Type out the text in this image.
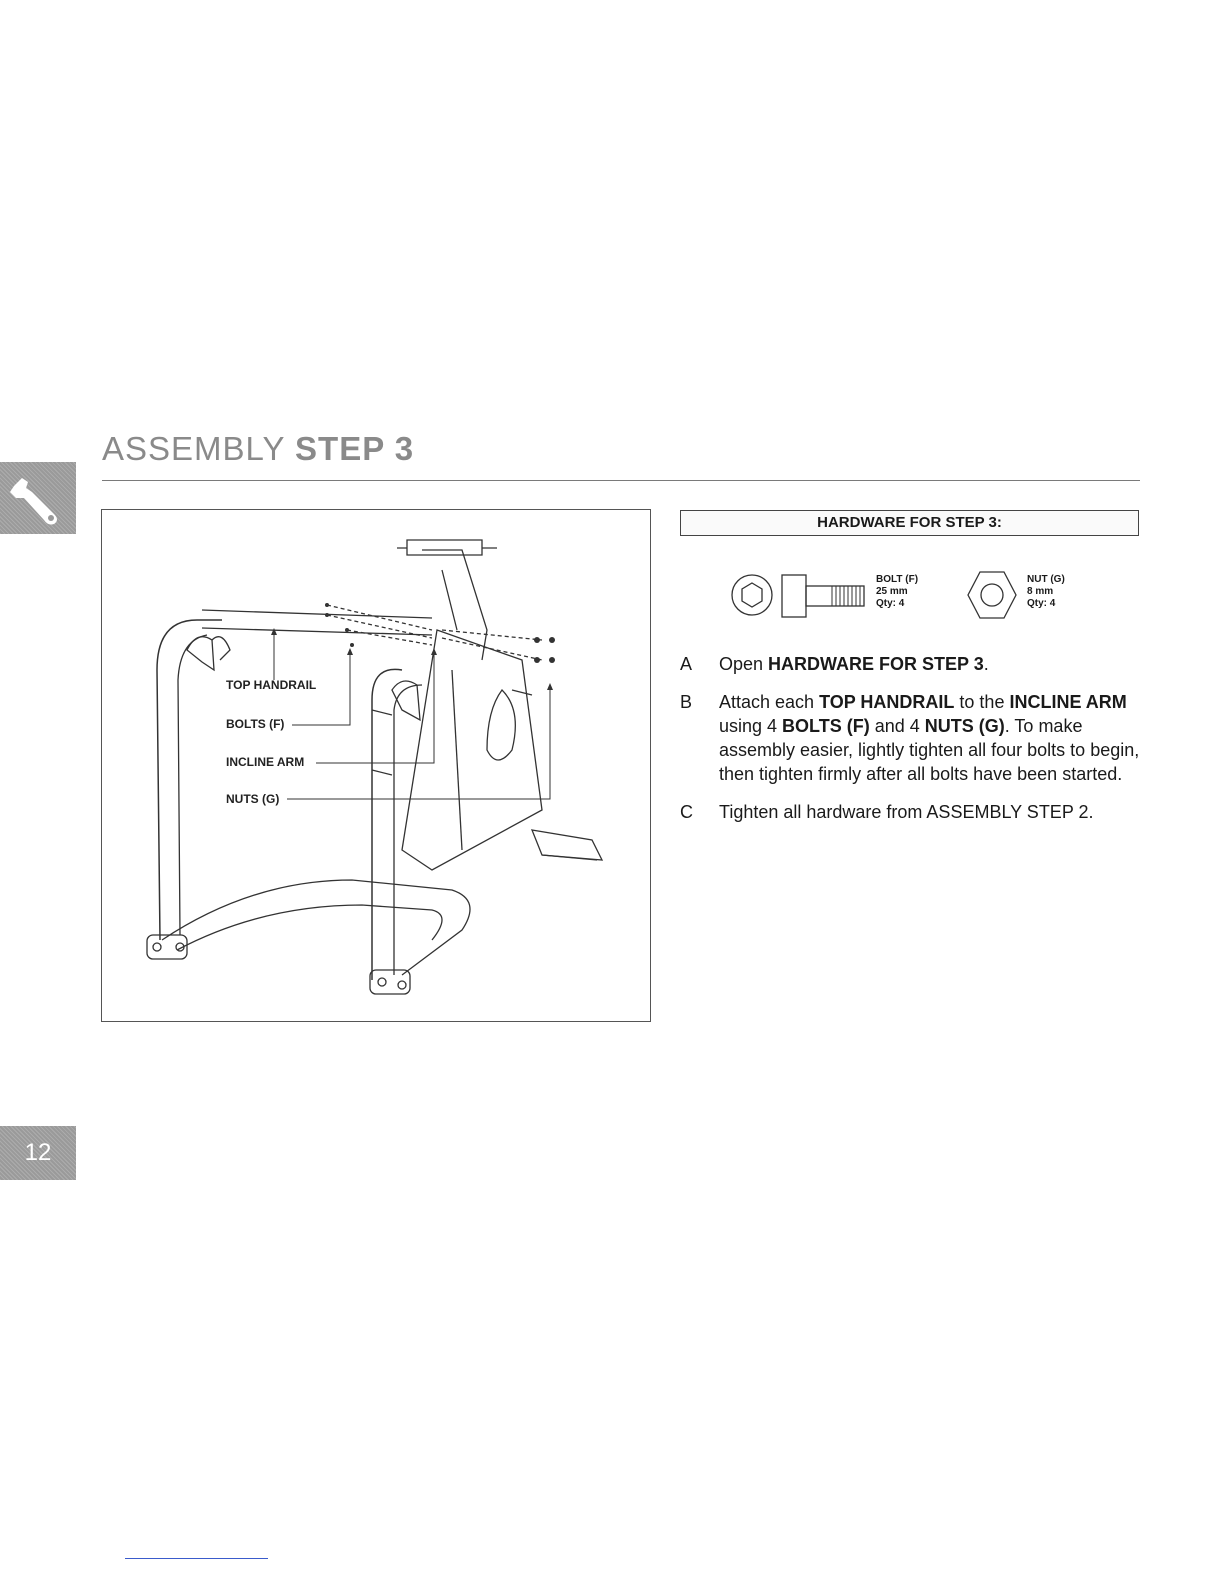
12
ASSEMBLY STEP 3
TOP HANDRAIL
BOLTS (F)
INCLINE ARM
NUTS (G)
HARDWARE FOR STEP 3:
BOLT (F)
25 mm
Qty: 4
NUT (G)
8 mm
Qty: 4
A Open HARDWARE FOR STEP 3.
B Attach each TOP HANDRAIL to the INCLINE ARM using 4 BOLTS (F) and 4 NUTS (G). To make assembly easier, lightly tighten all four bolts to begin, then tighten firmly after all bolts have been started.
C Tighten all hardware from ASSEMBLY STEP 2.
